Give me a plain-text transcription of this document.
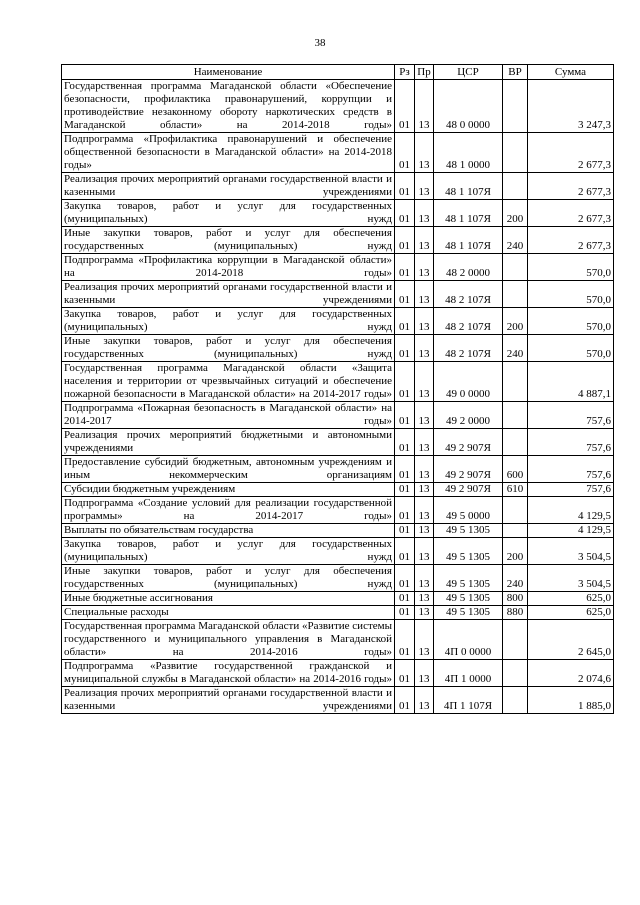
38
Наименование	Рз	Пр	ЦСР	ВР	Сумма
Государственная программа Магаданской области «Обеспечение безопасности, профилактика правонарушений, коррупции и противодействие незаконному обороту наркотических средств в Магаданской области» на 2014-2018 годы»	01	13	48 0 0000		3 247,3
Подпрограмма «Профилактика правонарушений и обеспечение общественной безопасности в Магаданской области» на 2014-2018 годы»	01	13	48 1 0000		2 677,3
Реализация прочих мероприятий органами государственной власти и казенными учреждениями	01	13	48 1 107Я		2 677,3
Закупка товаров, работ и услуг для государственных (муниципальных) нужд	01	13	48 1 107Я	200	2 677,3
Иные закупки товаров, работ и услуг для обеспечения государственных (муниципальных) нужд	01	13	48 1 107Я	240	2 677,3
Подпрограмма «Профилактика коррупции в Магаданской области» на 2014-2018 годы»	01	13	48 2 0000		570,0
Реализация прочих мероприятий органами государственной власти и казенными учреждениями	01	13	48 2 107Я		570,0
Закупка товаров, работ и услуг для государственных (муниципальных) нужд	01	13	48 2 107Я	200	570,0
Иные закупки товаров, работ и услуг для обеспечения государственных (муниципальных) нужд	01	13	48 2 107Я	240	570,0
Государственная программа Магаданской области «Защита населения и территории от чрезвычайных ситуаций и обеспечение пожарной безопасности в Магаданской области» на 2014-2017 годы»	01	13	49 0 0000		4 887,1
Подпрограмма «Пожарная безопасность в Магаданской области» на 2014-2017 годы»	01	13	49 2 0000		757,6
Реализация прочих мероприятий бюджетными и автономными учреждениями	01	13	49 2 907Я		757,6
Предоставление субсидий бюджетным, автономным учреждениям и иным некоммерческим организациям	01	13	49 2 907Я	600	757,6
Субсидии бюджетным учреждениям	01	13	49 2 907Я	610	757,6
Подпрограмма «Создание условий для реализации государственной программы» на 2014-2017 годы»	01	13	49 5 0000		4 129,5
Выплаты по обязательствам государства	01	13	49 5 1305		4 129,5
Закупка товаров, работ и услуг для государственных (муниципальных) нужд	01	13	49 5 1305	200	3 504,5
Иные закупки товаров, работ и услуг для обеспечения государственных (муниципальных) нужд	01	13	49 5 1305	240	3 504,5
Иные бюджетные ассигнования	01	13	49 5 1305	800	625,0
Специальные расходы	01	13	49 5 1305	880	625,0
Государственная программа Магаданской области «Развитие системы государственного и муниципального управления в Магаданской области» на 2014-2016 годы»	01	13	4П 0 0000		2 645,0
Подпрограмма «Развитие государственной гражданской и муниципальной службы в Магаданской области» на 2014-2016 годы»	01	13	4П 1 0000		2 074,6
Реализация прочих мероприятий органами государственной власти и казенными учреждениями	01	13	4П 1 107Я		1 885,0
